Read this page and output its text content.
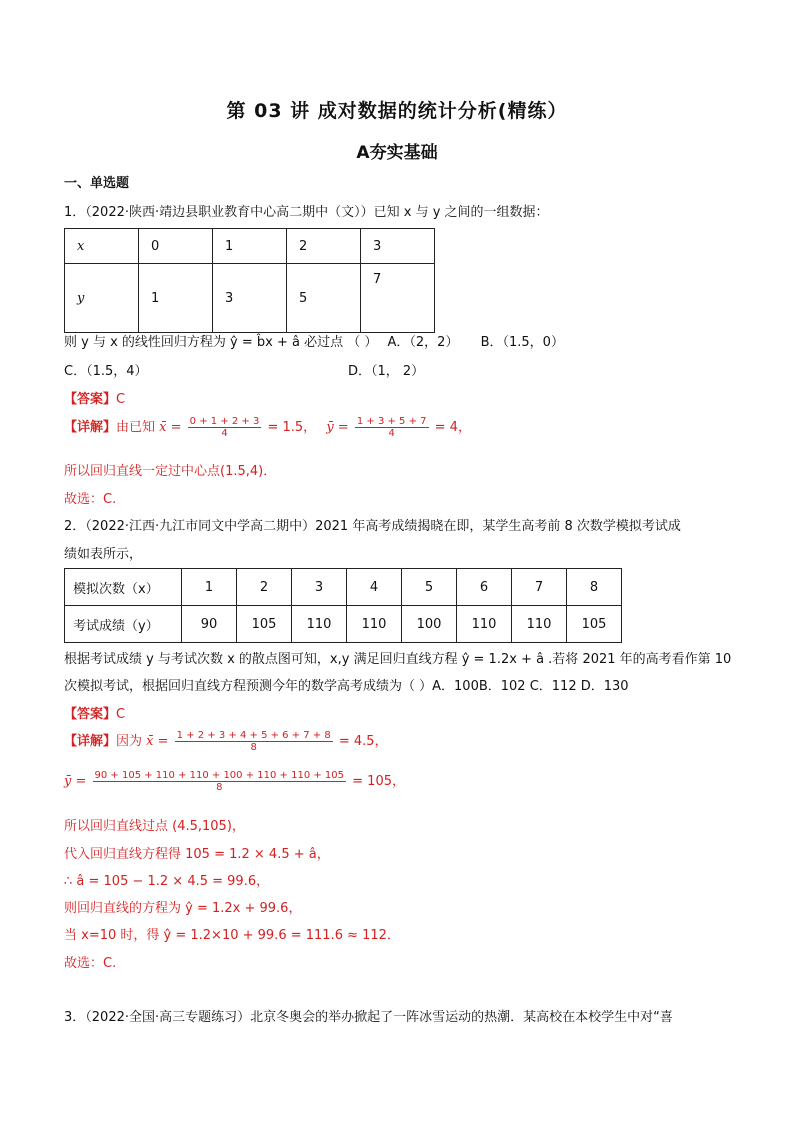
第 03 讲 成对数据的统计分析(精练）
A夯实基础
一、单选题
1．（2022·陕西·靖边县职业教育中心高二期中（文））已知 x 与 y 之间的一组数据：
x	0	1	2	3
y	1	3	5	7
则 y 与 x 的线性回归方程为 ŷ = b̂x + â 必过点 （ ） A．（2，2） B．（1.5，0）
C．（1.5，4）	D．（1， 2）
【答案】C
【详解】由已知 x̄ = $\frac{0 + 1 + 2 + 3}{4} = 1.5$， ȳ = $\frac{1 + 3 + 5 + 7}{4} = 4$，
所以回归直线一定过中心点(1.5,4)．
故选：C.
2．（2022·江西·九江市同文中学高二期中）2021 年高考成绩揭晓在即，某学生高考前 8 次数学模拟考试成
绩如表所示，
模拟次数（x）	1	2	3	4	5	6	7	8
考试成绩（y）	90	105	110	110	100	110	110	105
根据考试成绩 y 与考试次数 x 的散点图可知，x,y 满足回归直线方程 ŷ = 1.2x + â .若将 2021 年的高考看作第 10
次模拟考试，根据回归直线方程预测今年的数学高考成绩为（ ）A．100B．102 C．112 D．130
【答案】C
【详解】因为 x̄ = $\frac{1 + 2 + 3 + 4 + 5 + 6 + 7 + 8}{8} = 4.5$，
ȳ = $\frac{90 + 105 + 110 + 110 + 100 + 110 + 110 + 105}{8} = 105$，
所以回归直线过点 (4.5,105)，
代入回归直线方程得 105 = 1.2 × 4.5 + â，
∴ â = 105 − 1.2 × 4.5 = 99.6，
则回归直线的方程为 ŷ = 1.2x + 99.6，
当 x=10 时，得 ŷ = 1.2×10 + 99.6 = 111.6 ≈ 112．
故选：C.
3．（2022·全国·高三专题练习）北京冬奥会的举办掀起了一阵冰雪运动的热潮．某高校在本校学生中对“喜
